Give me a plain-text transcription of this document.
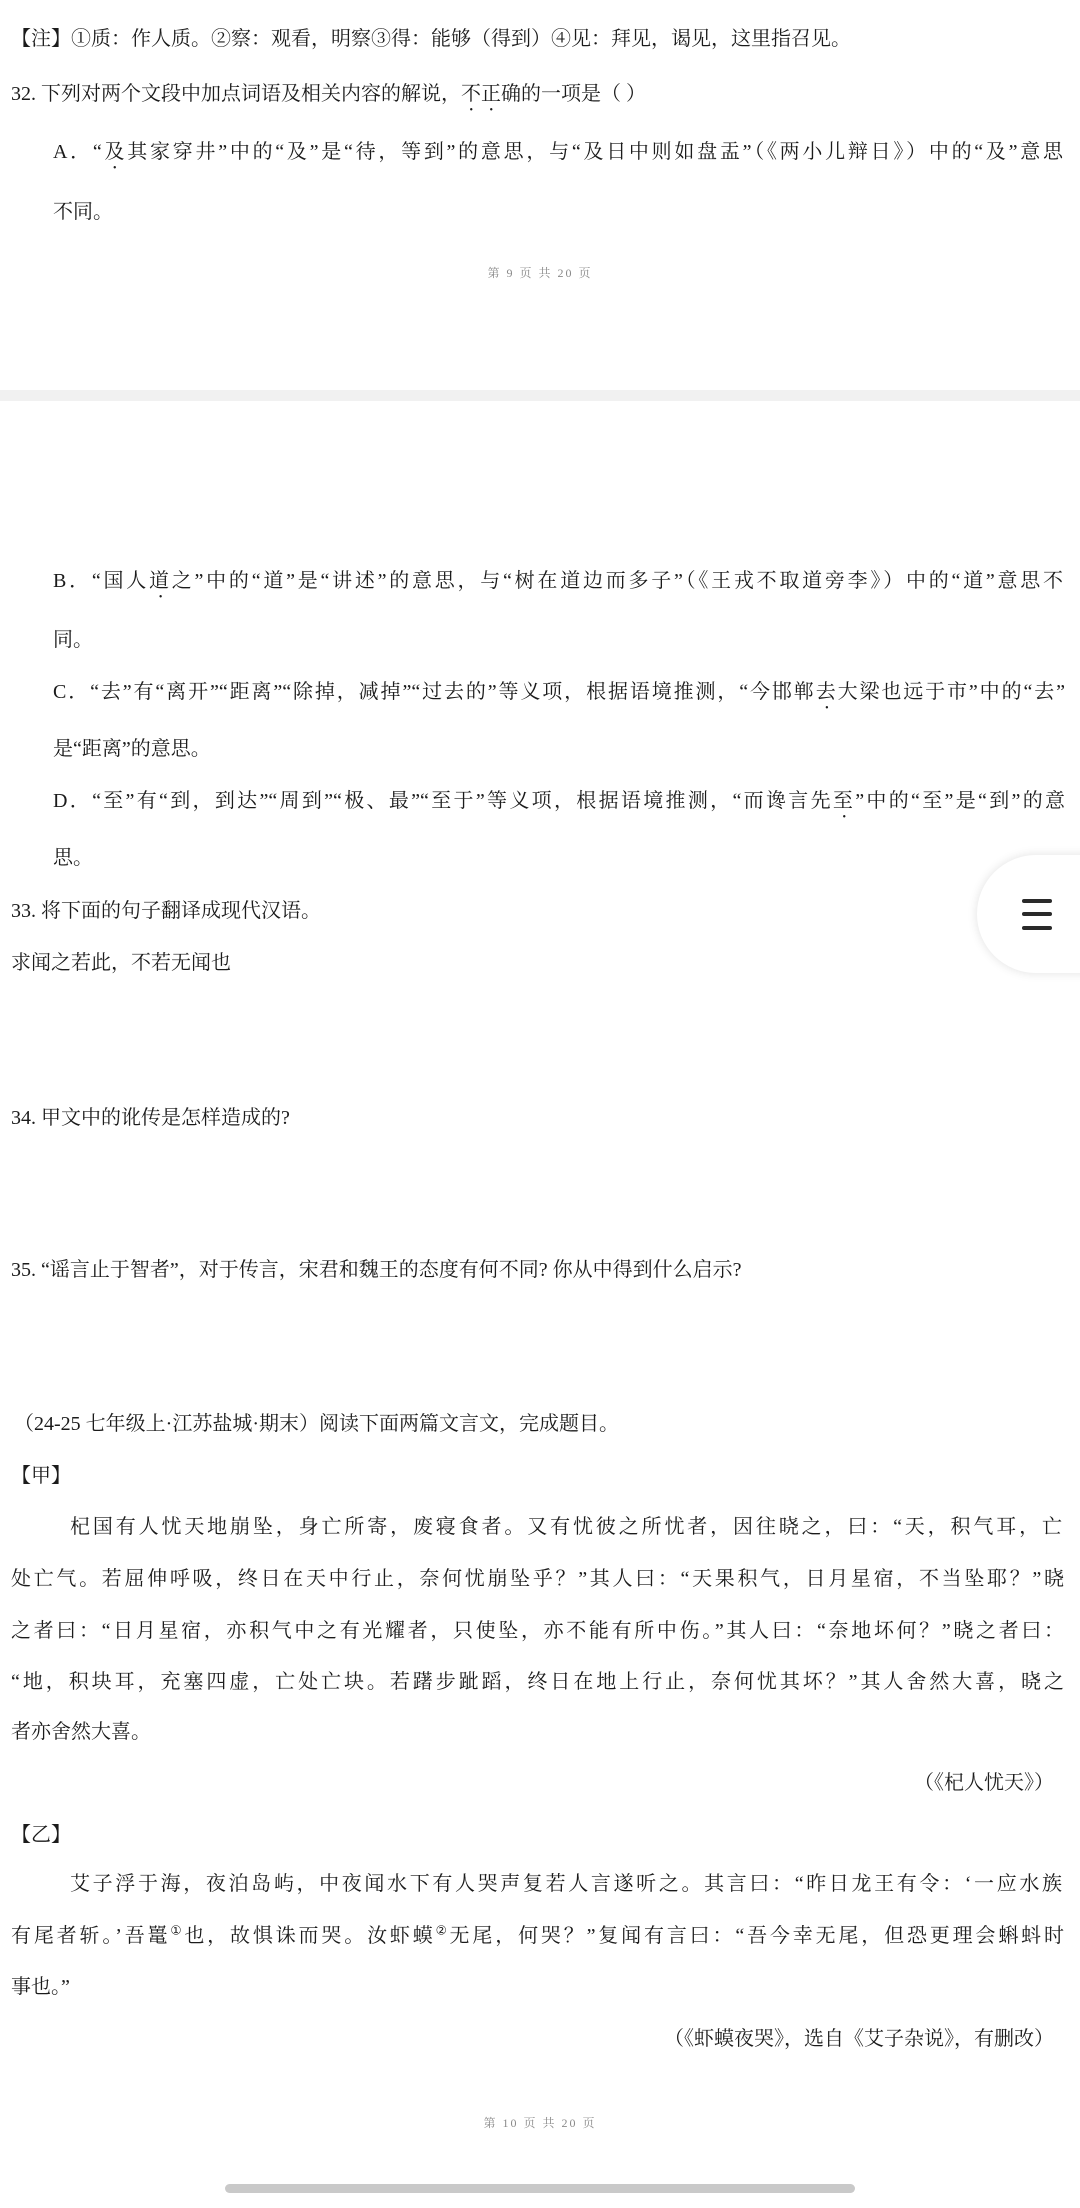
【注】①质：作人质。②察：观看，明察③得：能够（得到）④见：拜见，谒见，这里指召见。
32. 下列对两个文段中加点词语及相关内容的解说，不正确的一项是（ ）
A．“及其家穿井”中的“及”是“待，等到”的意思，与“及日中则如盘盂”（《两小儿辩日》）中的“及”意思
不同。
第 9 页 共 20 页
B．“国人道之”中的“道”是“讲述”的意思，与“树在道边而多子”（《王戎不取道旁李》）中的“道”意思不
同。
C．“去”有“离开”“距离”“除掉，减掉”“过去的”等义项，根据语境推测，“今邯郸去大梁也远于市”中的“去”
是“距离”的意思。
D．“至”有“到，到达”“周到”“极、最”“至于”等义项，根据语境推测，“而谗言先至”中的“至”是“到”的意
思。
33. 将下面的句子翻译成现代汉语。
求闻之若此，不若无闻也
34. 甲文中的讹传是怎样造成的?
35. “谣言止于智者”，对于传言，宋君和魏王的态度有何不同? 你从中得到什么启示?
（24-25 七年级上·江苏盐城·期末）阅读下面两篇文言文，完成题目。
【甲】
杞国有人忧天地崩坠，身亡所寄，废寝食者。又有忧彼之所忧者，因往晓之，曰：“天，积气耳，亡
处亡气。若屈伸呼吸，终日在天中行止，奈何忧崩坠乎？”其人曰：“天果积气，日月星宿，不当坠耶？”晓
之者曰：“日月星宿，亦积气中之有光耀者，只使坠，亦不能有所中伤。”其人曰：“奈地坏何？”晓之者曰：
“地，积块耳，充塞四虚，亡处亡块。若躇步跐蹈，终日在地上行止，奈何忧其坏？”其人舍然大喜，晓之
者亦舍然大喜。
（《杞人忧天》）
【乙】
艾子浮于海，夜泊岛屿，中夜闻水下有人哭声复若人言遂听之。其言曰：“昨日龙王有令：‘一应水族
有尾者斩。’吾鼍①也，故惧诛而哭。汝虾蟆②无尾，何哭？”复闻有言曰：“吾今幸无尾，但恐更理会蝌蚪时
事也。”
（《虾蟆夜哭》，选自《艾子杂说》，有删改）
第 10 页 共 20 页
